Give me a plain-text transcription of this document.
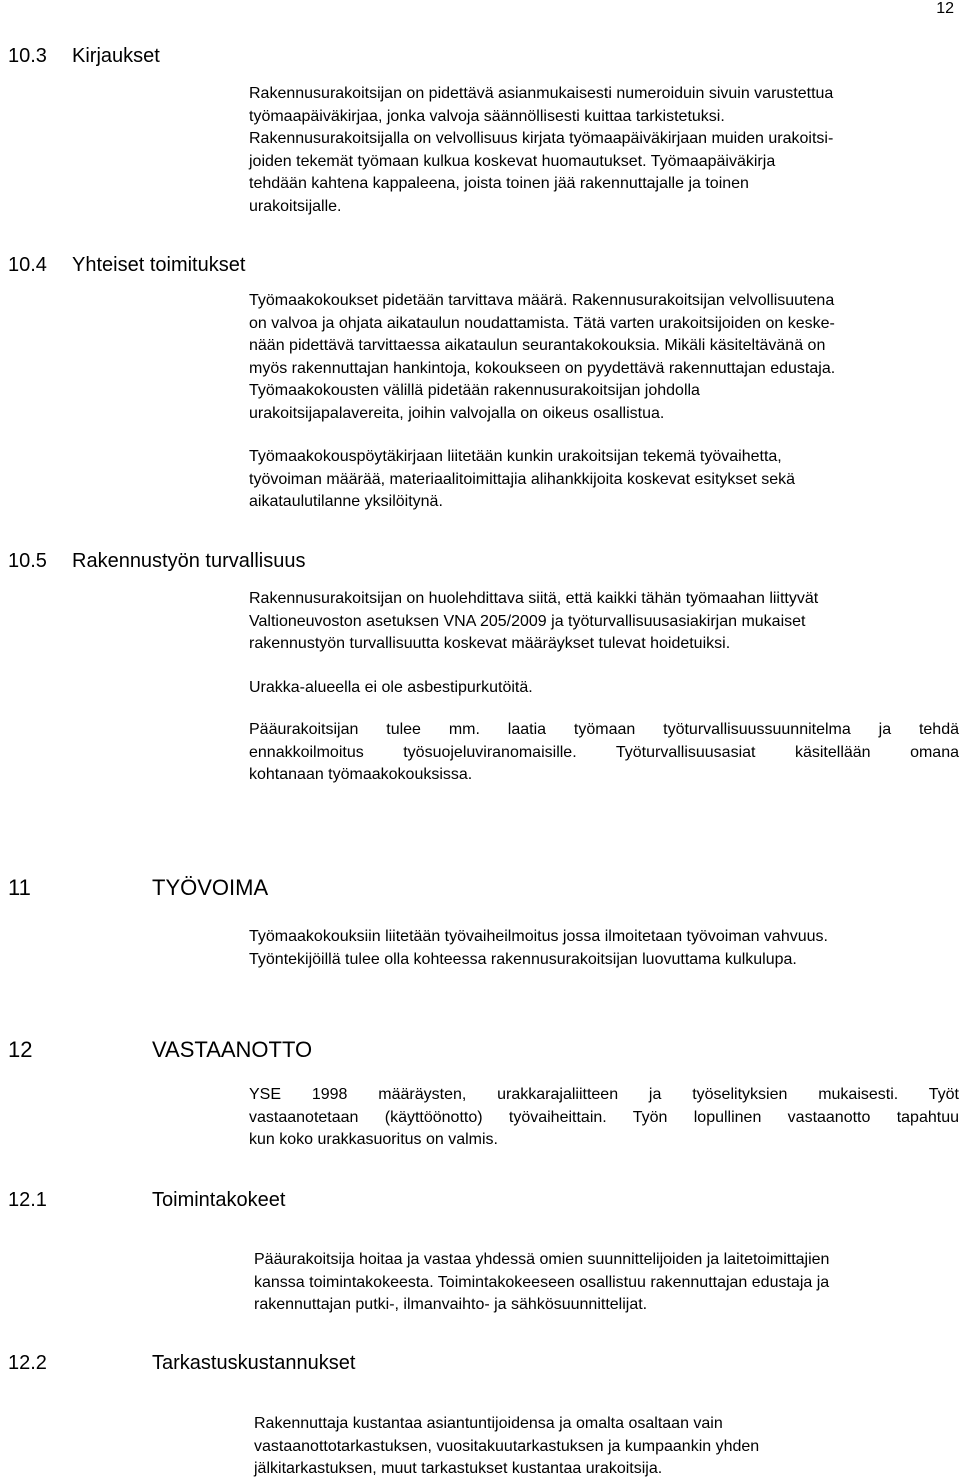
12
10.3 Kirjaukset
Rakennusurakoitsijan on pidettävä asianmukaisesti numeroiduin sivuin varustettua
työmaapäiväkirjaa, jonka valvoja säännöllisesti kuittaa tarkistetuksi.
Rakennusurakoitsijalla on velvollisuus kirjata työmaapäiväkirjaan muiden urakoitsi-
joiden tekemät työmaan kulkua koskevat huomautukset. Työmaapäiväkirja
tehdään kahtena kappaleena, joista toinen jää rakennuttajalle ja toinen
urakoitsijalle.
10.4 Yhteiset toimitukset
Työmaakokoukset pidetään tarvittava määrä. Rakennusurakoitsijan velvollisuutena
on valvoa ja ohjata aikataulun noudattamista. Tätä varten urakoitsijoiden on keske-
nään pidettävä tarvittaessa aikataulun seurantakokouksia. Mikäli käsiteltävänä on
myös rakennuttajan hankintoja, kokoukseen on pyydettävä rakennuttajan edustaja.
Työmaakokousten välillä pidetään rakennusurakoitsijan johdolla
urakoitsijapalavereita, joihin valvojalla on oikeus osallistua.
Työmaakokouspöytäkirjaan liitetään kunkin urakoitsijan tekemä työvaihetta,
työvoiman määrää, materiaalitoimittajia alihankkijoita koskevat esitykset sekä
aikataulutilanne yksilöitynä.
10.5 Rakennustyön turvallisuus
Rakennusurakoitsijan on huolehdittava siitä, että kaikki tähän työmaahan liittyvät
Valtioneuvoston asetuksen VNA 205/2009 ja työturvallisuusasiakirjan mukaiset
rakennustyön turvallisuutta koskevat määräykset tulevat hoidetuiksi.
Urakka-alueella ei ole asbestipurkutöitä.
Pääurakoitsijan tulee mm. laatia työmaan työturvallisuussuunnitelma ja tehdä
ennakkoilmoitus työsuojeluviranomaisille. Työturvallisuusasiat käsitellään omana
kohtanaan työmaakokouksissa.
11	TYÖVOIMA
Työmaakokouksiin liitetään työvaiheilmoitus jossa ilmoitetaan työvoiman vahvuus.
Työntekijöillä tulee olla kohteessa rakennusurakoitsijan luovuttama kulkulupa.
12	VASTAANOTTO
YSE 1998 määräysten, urakkarajaliitteen ja työselityksien mukaisesti. Työt
vastaanotetaan (käyttöönotto) työvaiheittain. Työn lopullinen vastaanotto tapahtuu
kun koko urakkasuoritus on valmis.
12.1	Toimintakokeet
Pääurakoitsija hoitaa ja vastaa yhdessä omien suunnittelijoiden ja laitetoimittajien
kanssa toimintakokeesta. Toimintakokeeseen osallistuu rakennuttajan edustaja ja
rakennuttajan putki-, ilmanvaihto- ja sähkösuunnittelijat.
12.2	Tarkastuskustannukset
Rakennuttaja kustantaa asiantuntijoidensa ja omalta osaltaan vain
vastaanottotarkastuksen, vuositakuutarkastuksen ja kumpaankin yhden
jälkitarkastuksen, muut tarkastukset kustantaa urakoitsija.
